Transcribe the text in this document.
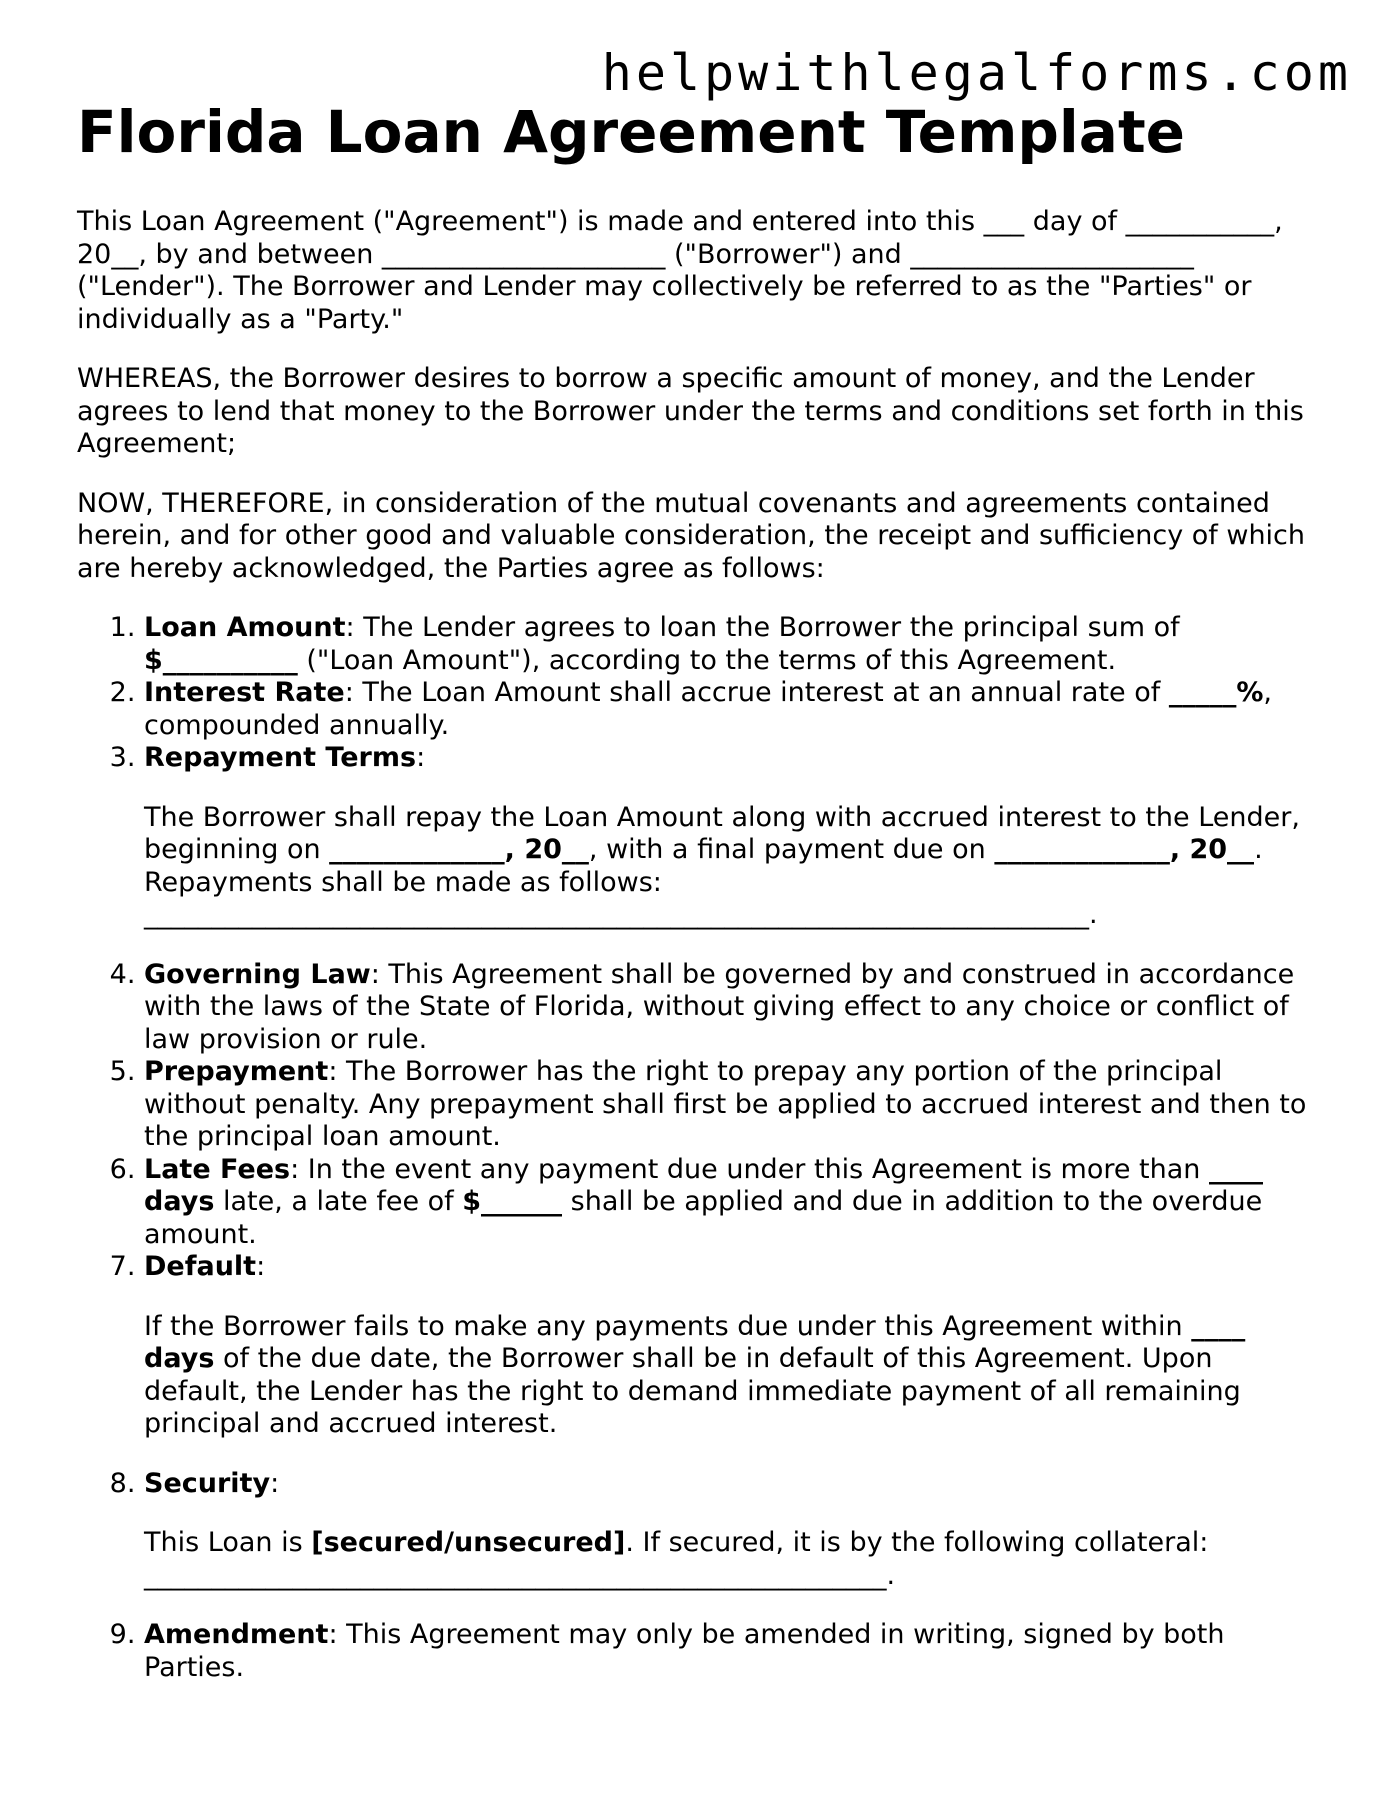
helpwithlegalforms.com
Florida Loan Agreement Template

This Loan Agreement ("Agreement") is made and entered into this ___ day of ___________,
20__, by and between _____________________ ("Borrower") and _____________________
("Lender"). The Borrower and Lender may collectively be referred to as the "Parties" or
individually as a "Party."

WHEREAS, the Borrower desires to borrow a specific amount of money, and the Lender
agrees to lend that money to the Borrower under the terms and conditions set forth in this
Agreement;

NOW, THEREFORE, in consideration of the mutual covenants and agreements contained
herein, and for other good and valuable consideration, the receipt and sufficiency of which
are hereby acknowledged, the Parties agree as follows:

1. Loan Amount: The Lender agrees to loan the Borrower the principal sum of
$__________ ("Loan Amount"), according to the terms of this Agreement.
2. Interest Rate: The Loan Amount shall accrue interest at an annual rate of _____%,
compounded annually.
3. Repayment Terms:
The Borrower shall repay the Loan Amount along with accrued interest to the Lender,
beginning on _____________, 20__, with a final payment due on _____________, 20__.
Repayments shall be made as follows:
______________________________________________________________________.
4. Governing Law: This Agreement shall be governed by and construed in accordance
with the laws of the State of Florida, without giving effect to any choice or conflict of
law provision or rule.
5. Prepayment: The Borrower has the right to prepay any portion of the principal
without penalty. Any prepayment shall first be applied to accrued interest and then to
the principal loan amount.
6. Late Fees: In the event any payment due under this Agreement is more than ____
days late, a late fee of $______ shall be applied and due in addition to the overdue
amount.
7. Default:
If the Borrower fails to make any payments due under this Agreement within ____
days of the due date, the Borrower shall be in default of this Agreement. Upon
default, the Lender has the right to demand immediate payment of all remaining
principal and accrued interest.
8. Security:
This Loan is [secured/unsecured]. If secured, it is by the following collateral:
_______________________________________________________.
9. Amendment: This Agreement may only be amended in writing, signed by both
Parties.
